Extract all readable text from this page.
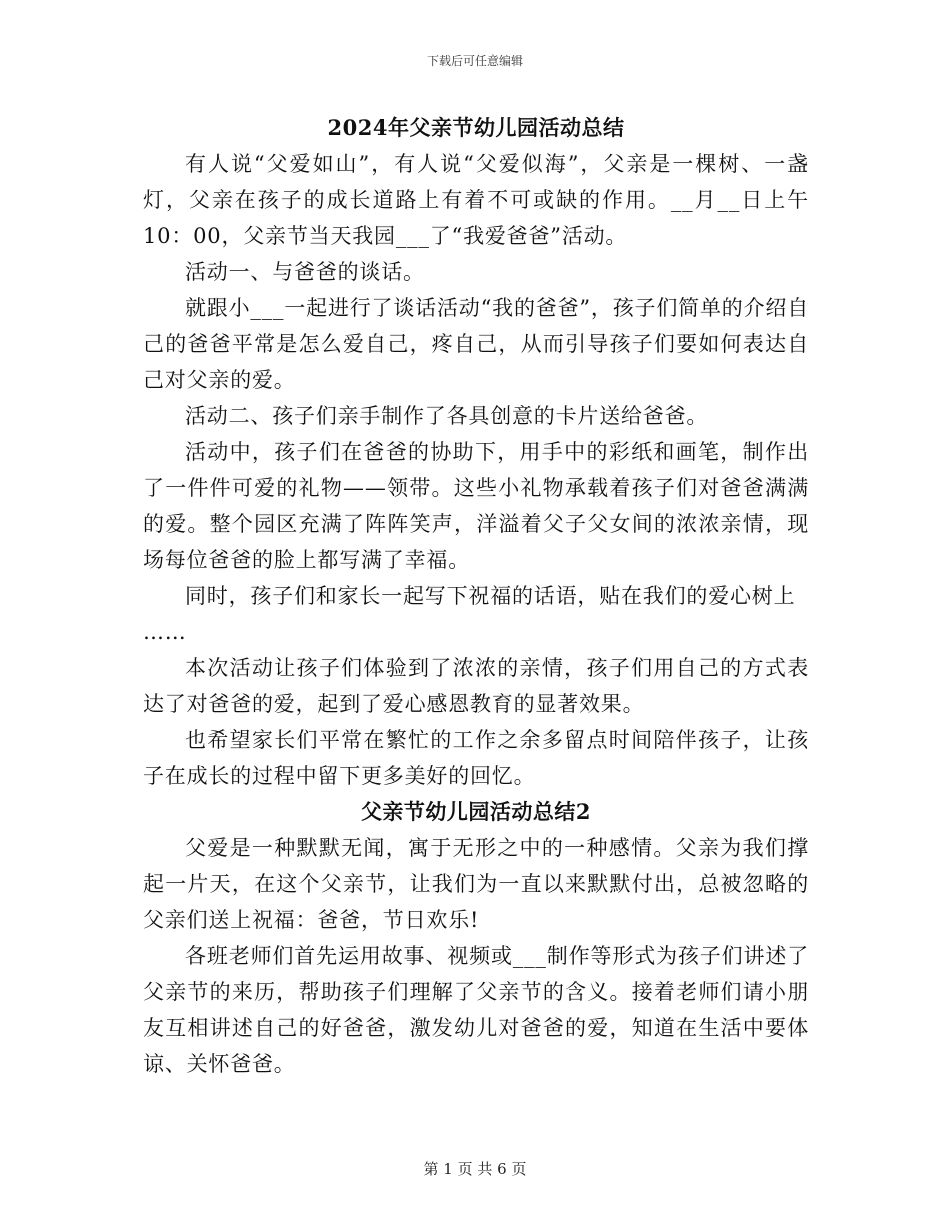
下载后可任意编辑
2024年父亲节幼儿园活动总结

有人说“父爱如山”，有人说“父爱似海”，父亲是一棵树、一盏灯，父亲在孩子的成长道路上有着不可或缺的作用。__月__日上午10：00，父亲节当天我园___了“我爱爸爸”活动。

活动一、与爸爸的谈话。

就跟小___一起进行了谈话活动“我的爸爸”，孩子们简单的介绍自己的爸爸平常是怎么爱自己，疼自己，从而引导孩子们要如何表达自己对父亲的爱。

活动二、孩子们亲手制作了各具创意的卡片送给爸爸。

活动中，孩子们在爸爸的协助下，用手中的彩纸和画笔，制作出了一件件可爱的礼物——领带。这些小礼物承载着孩子们对爸爸满满的爱。整个园区充满了阵阵笑声，洋溢着父子父女间的浓浓亲情，现场每位爸爸的脸上都写满了幸福。

同时，孩子们和家长一起写下祝福的话语，贴在我们的爱心树上

……

本次活动让孩子们体验到了浓浓的亲情，孩子们用自己的方式表达了对爸爸的爱，起到了爱心感恩教育的显著效果。

也希望家长们平常在繁忙的工作之余多留点时间陪伴孩子，让孩子在成长的过程中留下更多美好的回忆。

父亲节幼儿园活动总结2

父爱是一种默默无闻，寓于无形之中的一种感情。父亲为我们撑起一片天，在这个父亲节，让我们为一直以来默默付出，总被忽略的父亲们送上祝福：爸爸，节日欢乐!

各班老师们首先运用故事、视频或___制作等形式为孩子们讲述了父亲节的来历，帮助孩子们理解了父亲节的含义。接着老师们请小朋友互相讲述自己的好爸爸，激发幼儿对爸爸的爱，知道在生活中要体谅、关怀爸爸。

第 1 页 共 6 页
